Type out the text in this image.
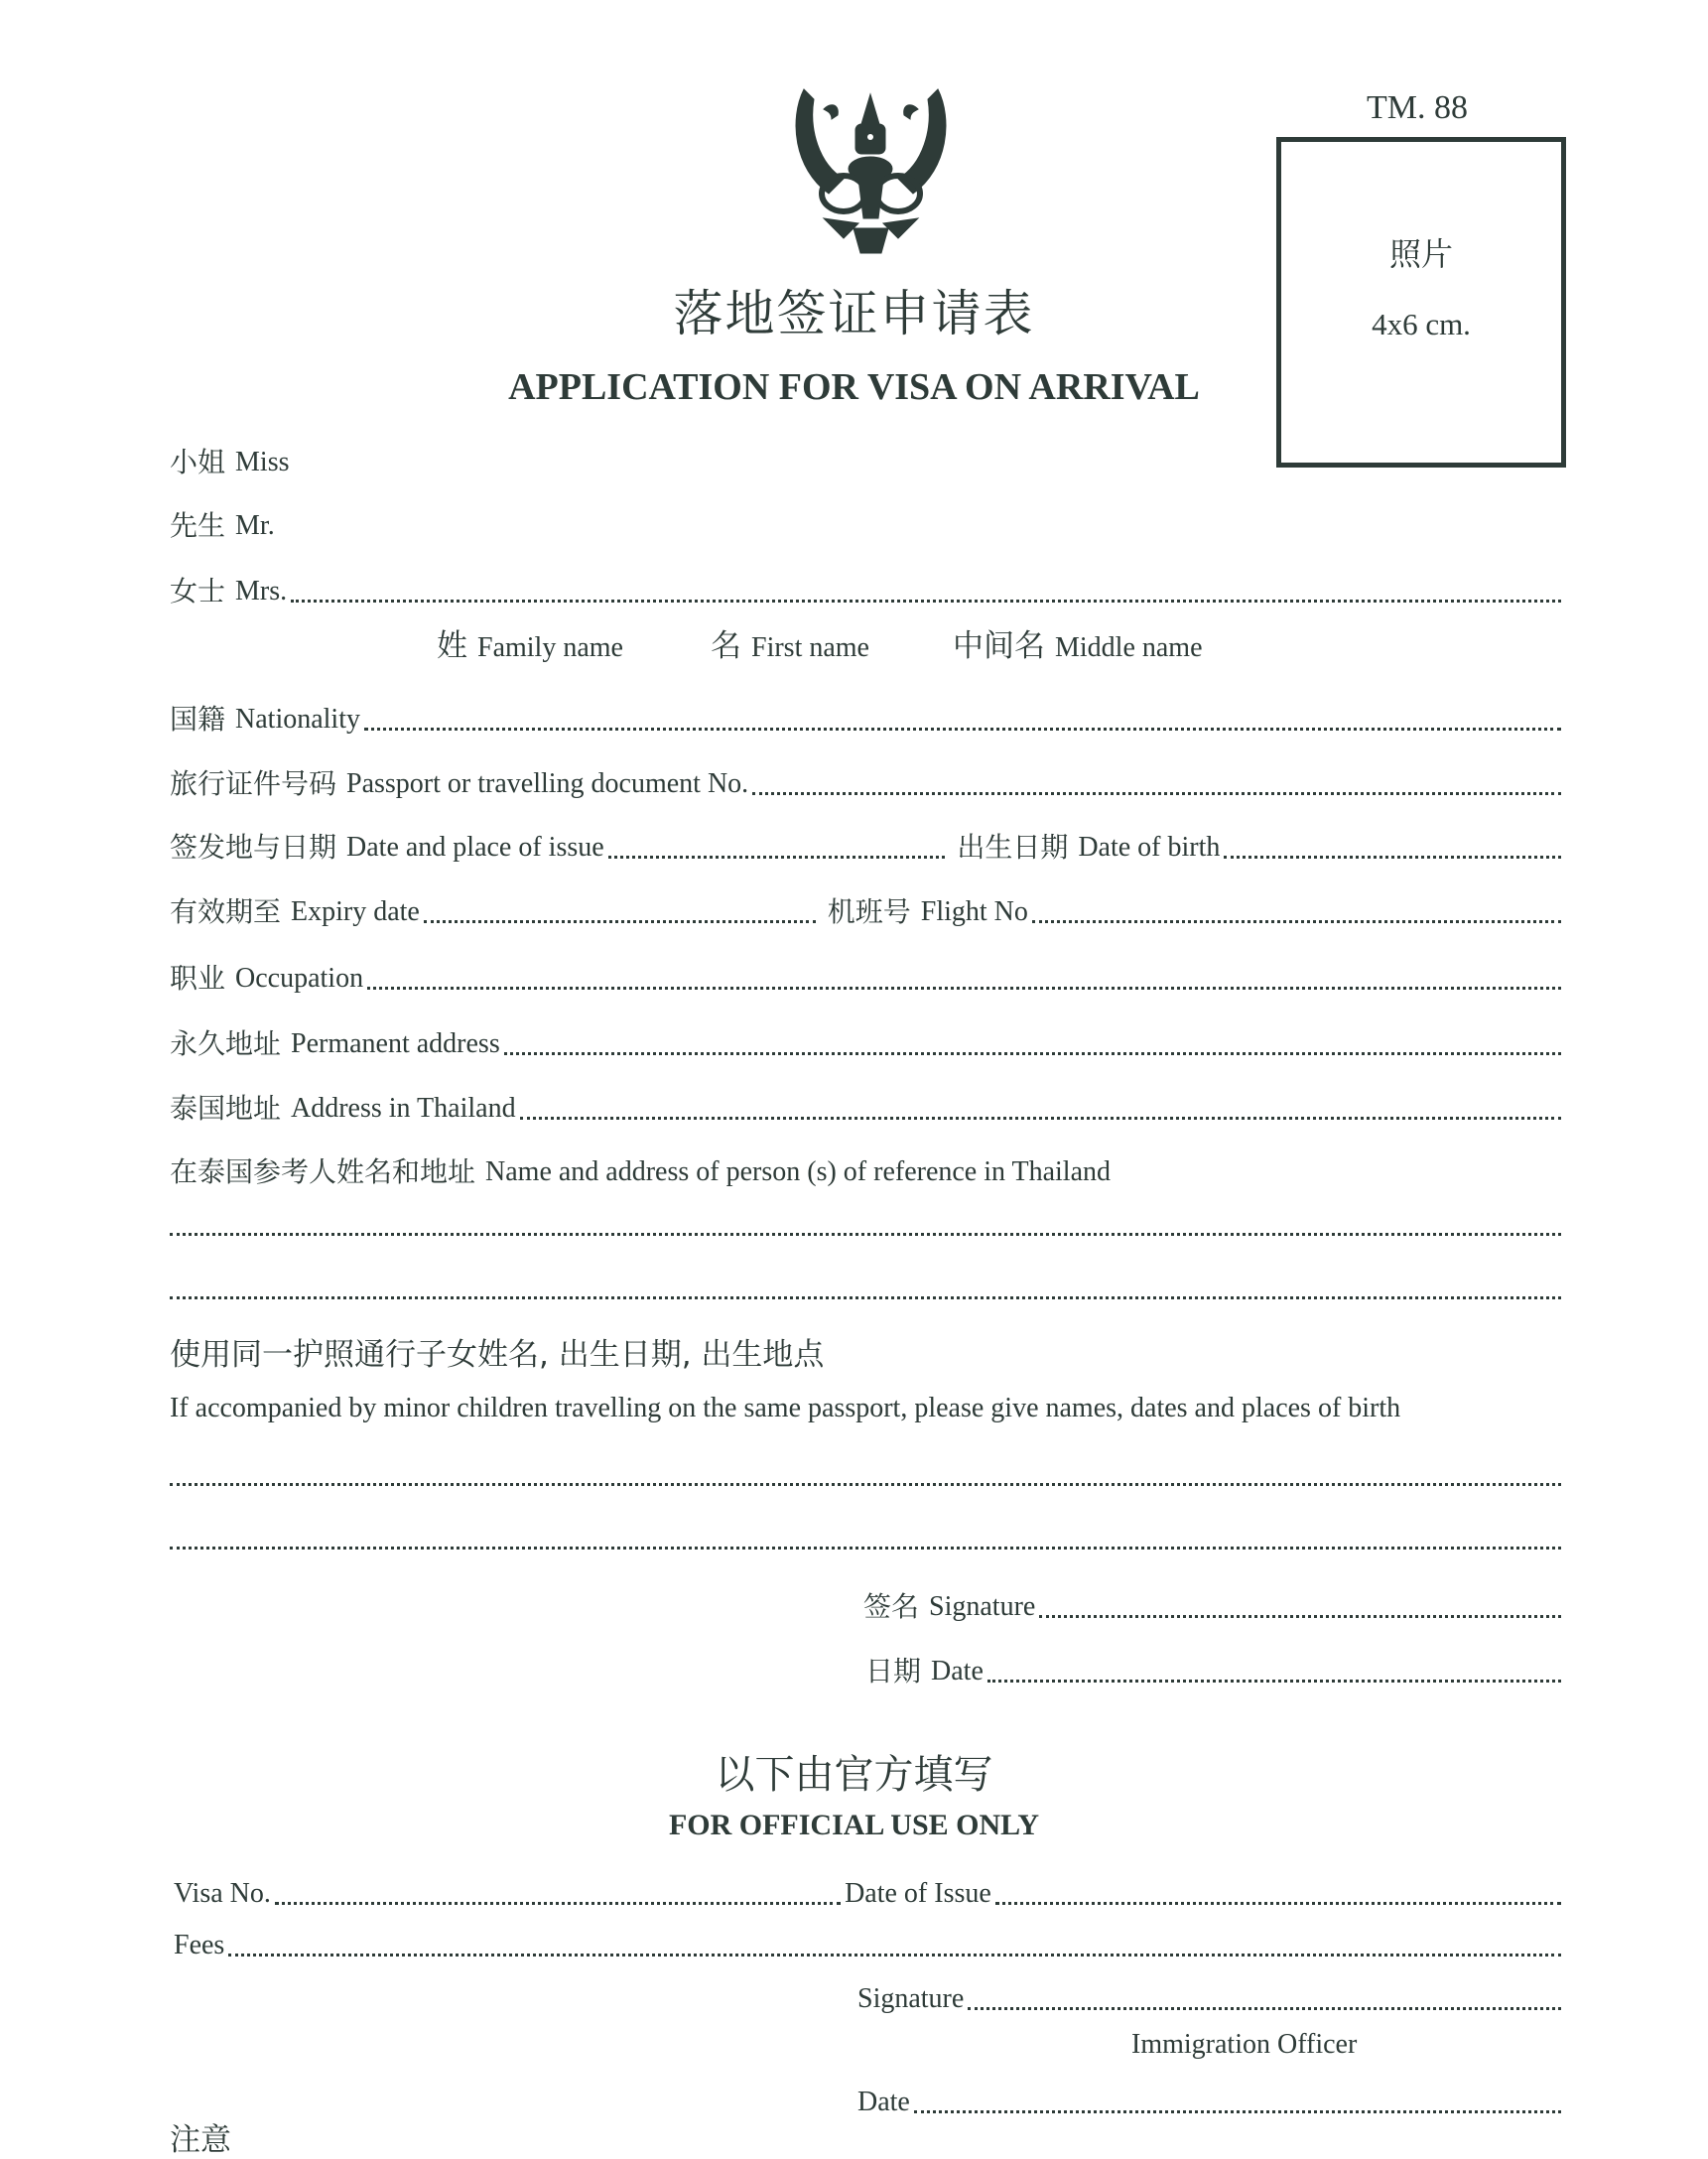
TM. 88
落地签证申请表
APPLICATION FOR VISA ON ARRIVAL
照片
4x6 cm.
小姐 Miss
先生 Mr.
女士 Mrs.
姓 Family name	名 First name	中间名 Middle name
国籍 Nationality
旅行证件号码 Passport or travelling document No.
签发地与日期 Date and place of issue	出生日期 Date of birth
有效期至 Expiry date	机班号 Flight No
职业 Occupation
永久地址 Permanent address
泰国地址 Address in Thailand
在泰国参考人姓名和地址 Name and address of person (s) of reference in Thailand
使用同一护照通行子女姓名, 出生日期, 出生地点
If accompanied by minor children travelling on the same passport, please give names, dates and places of birth
签名 Signature
日期 Date
以下由官方填写
FOR OFFICIAL USE ONLY
Visa No.	Date of Issue
Fees
Signature
Immigration Officer
Date
注意
